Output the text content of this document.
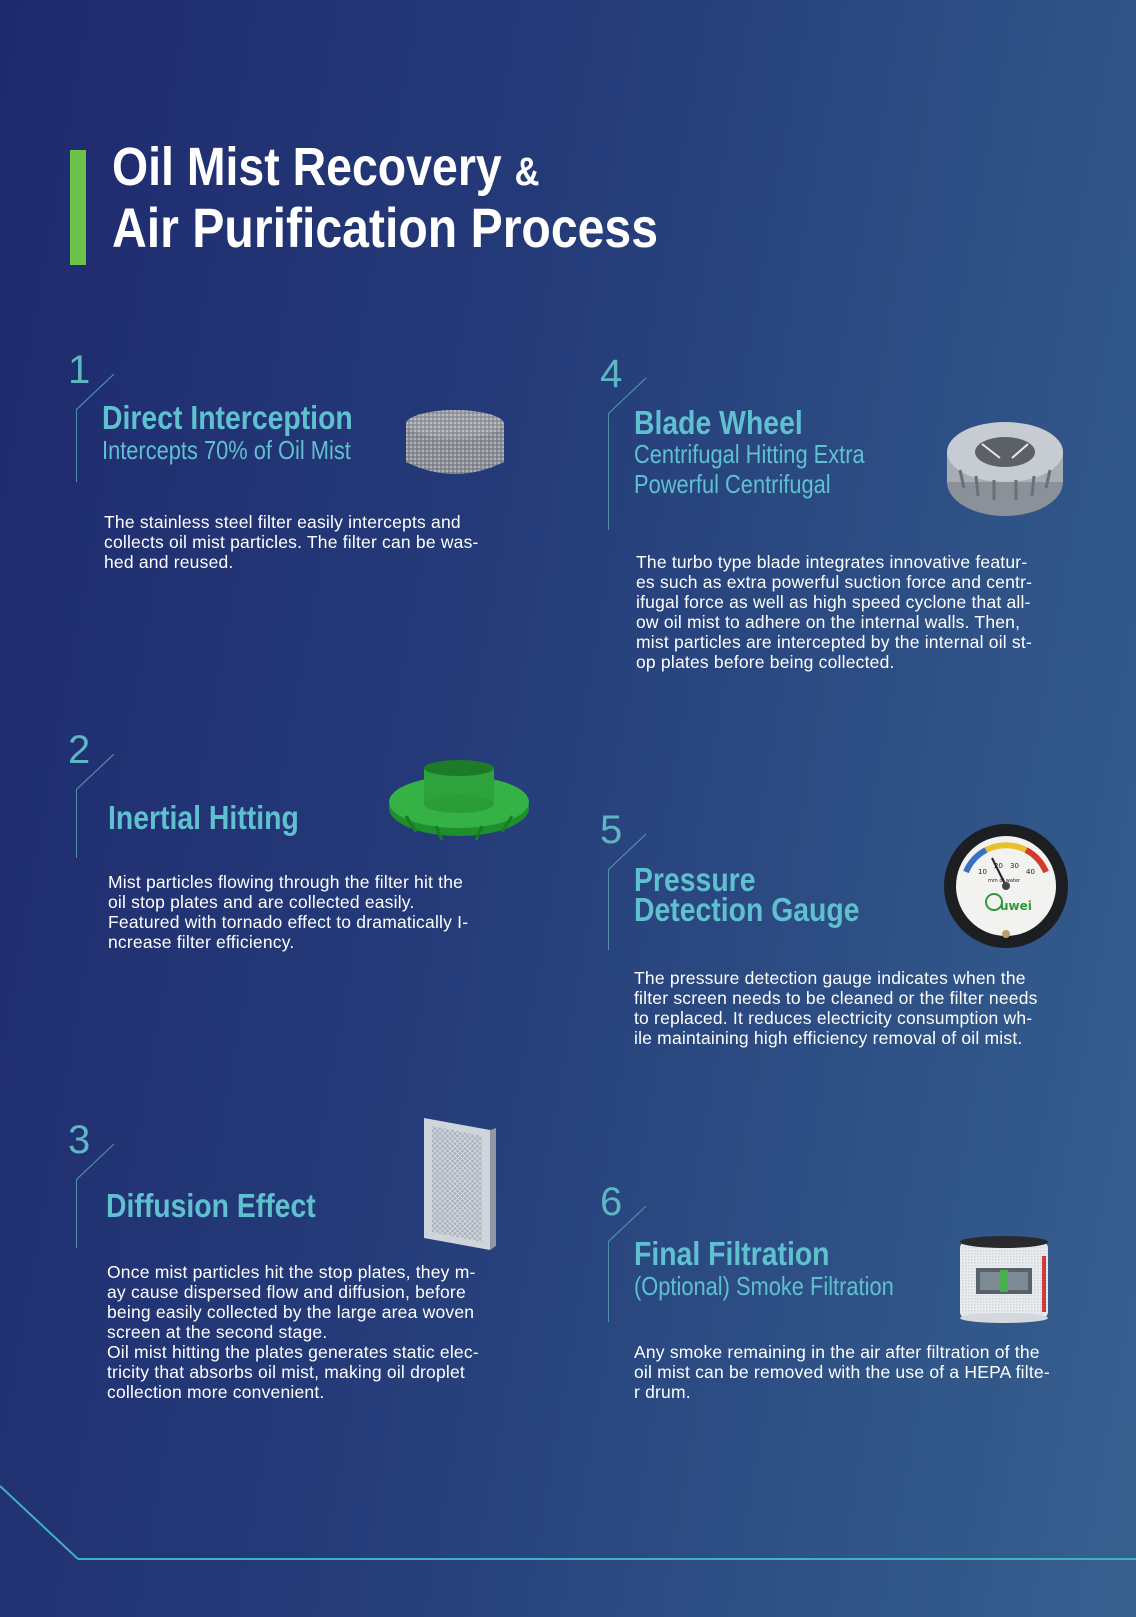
Oil Mist Recovery &
Air Purification Process
1
Direct Interception
Intercepts 70% of Oil Mist
The stainless steel filter easily intercepts and
collects oil mist particles. The filter can be was-
hed and reused.
2
Inertial Hitting
Mist particles flowing through the filter hit the
oil stop plates and are collected easily.
Featured with tornado effect to dramatically I-
ncrease filter efficiency.
3
Diffusion Effect
Once mist particles hit the stop plates, they m-
ay cause dispersed flow and diffusion, before
being easily collected by the large area woven
screen at the second stage.
Oil mist hitting the plates generates static elec-
tricity that absorbs oil mist, making oil droplet
collection more convenient.
4
Blade Wheel
Centrifugal Hitting Extra
Powerful Centrifugal
The turbo type blade integrates innovative featur-
es such as extra powerful suction force and centr-
ifugal force as well as high speed cyclone that all-
ow oil mist to adhere on the internal walls. Then,
mist particles are intercepted by the internal oil st-
op plates before being collected.
5
Pressure
Detection Gauge
10
20 30
40
mm of water
uwei
The pressure detection gauge indicates when the
filter screen needs to be cleaned or the filter needs
to replaced. It reduces electricity consumption wh-
ile maintaining high efficiency removal of oil mist.
6
Final Filtration
(Optional) Smoke Filtration
Any smoke remaining in the air after filtration of the
oil mist can be removed with the use of a HEPA filte-
r drum.
